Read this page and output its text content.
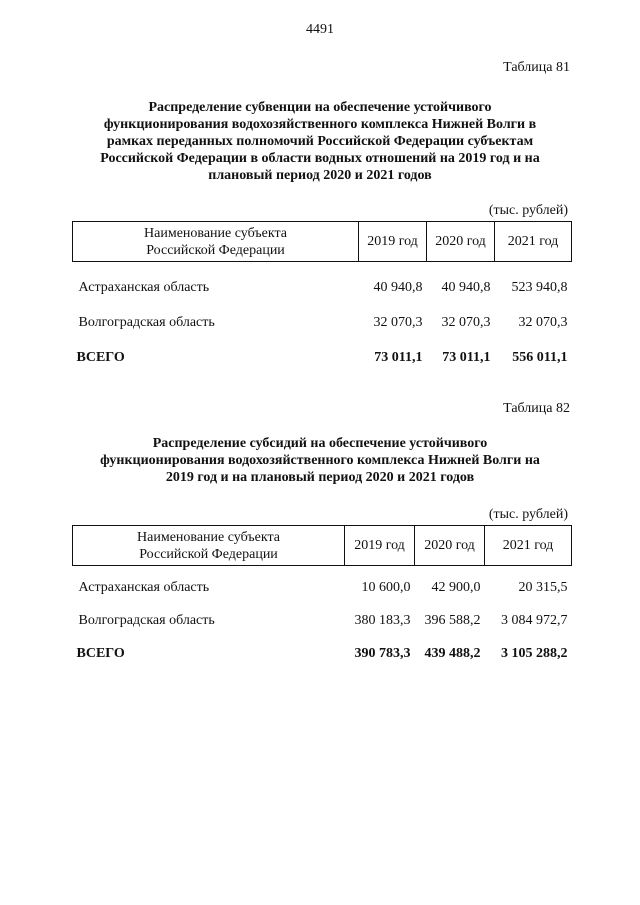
4491
Таблица 81
Распределение субвенции на обеспечение устойчивого
функционирования водохозяйственного комплекса Нижней Волги в
рамках переданных полномочий Российской Федерации субъектам
Российской Федерации в области водных отношений на 2019 год и на
плановый период 2020 и 2021 годов
(тыс. рублей)
Наименование субъекта
Российской Федерации	2019 год	2020 год	2021 год

Астраханская область	40 940,8	40 940,8	523 940,8

Волгоградская область	32 070,3	32 070,3	32 070,3

ВСЕГО	73 011,1	73 011,1	556 011,1
Таблица 82
Распределение субсидий на обеспечение устойчивого
функционирования водохозяйственного комплекса Нижней Волги на
2019 год и на плановый период 2020 и 2021 годов
(тыс. рублей)
Наименование субъекта
Российской Федерации	2019 год	2020 год	2021 год

Астраханская область	10 600,0	42 900,0	20 315,5

Волгоградская область	380 183,3	396 588,2	3 084 972,7

ВСЕГО	390 783,3	439 488,2	3 105 288,2
